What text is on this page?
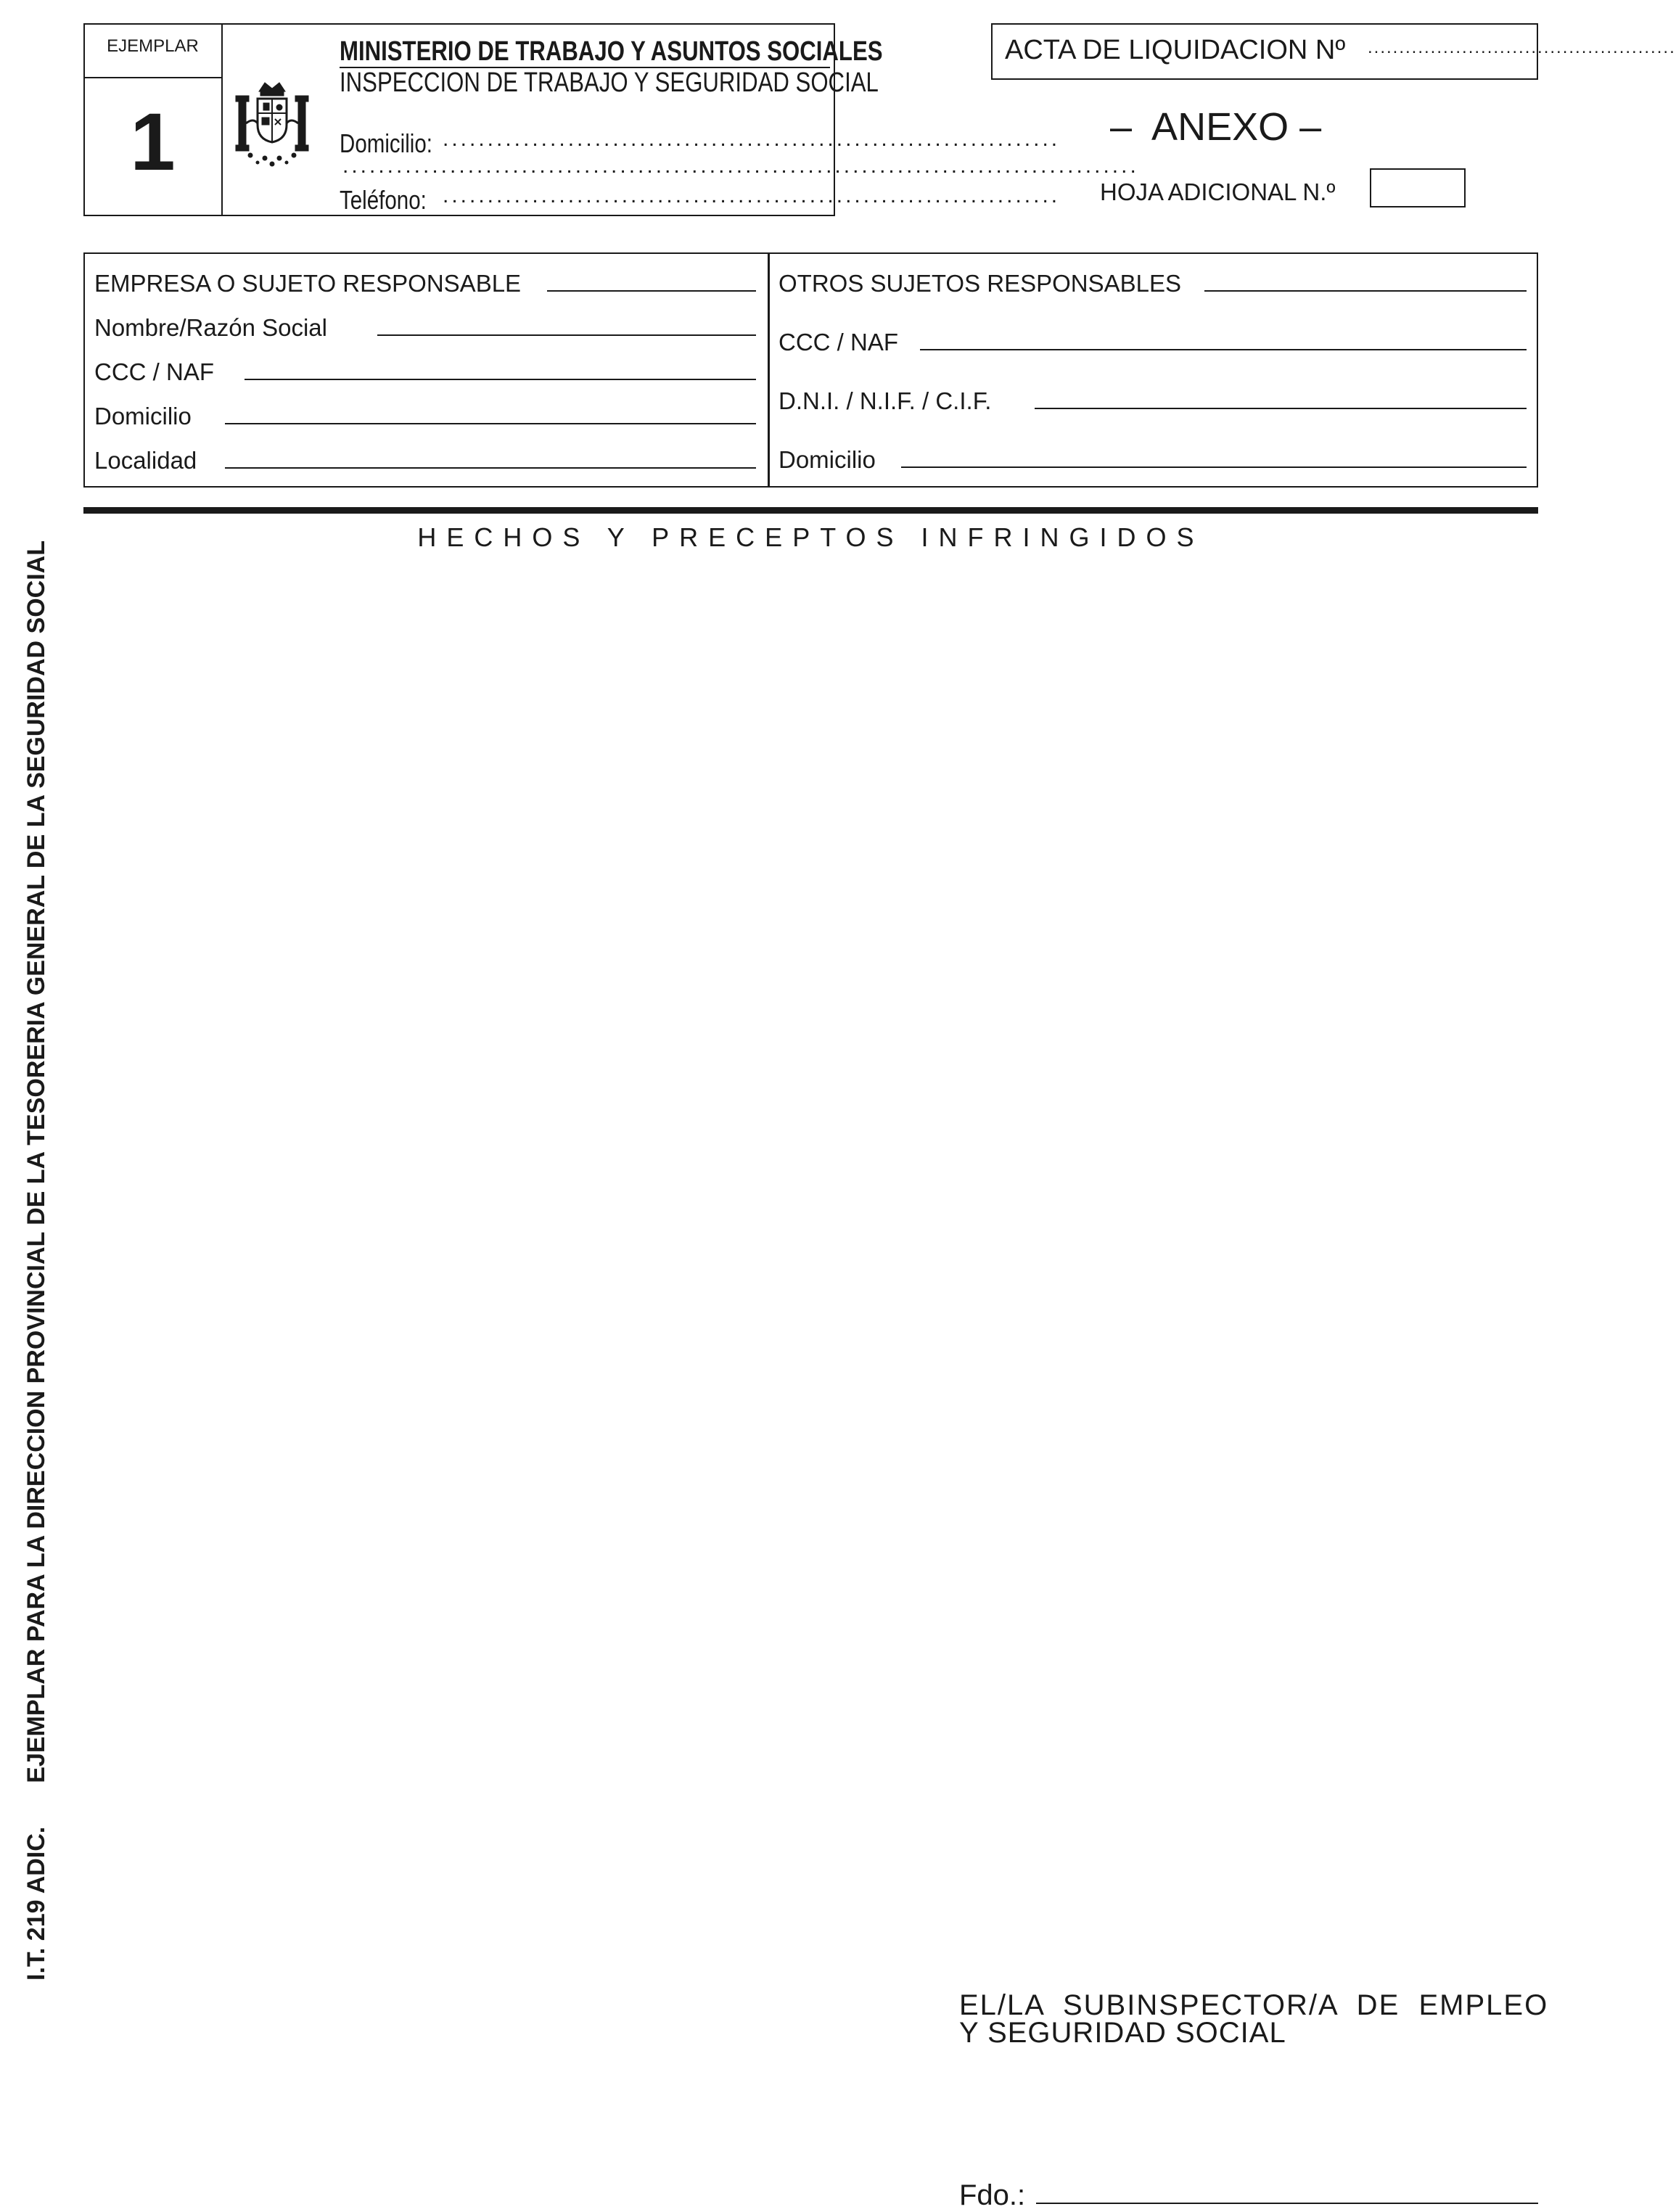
EJEMPLAR
1
MINISTERIO DE TRABAJO Y ASUNTOS SOCIALES
INSPECCION DE TRABAJO Y SEGURIDAD SOCIAL
Domicilio: .....................................................................
.........................................................................................
Teléfono: .....................................................................
ACTA DE LIQUIDACION Nº .................................................
–  ANEXO –
HOJA ADICIONAL N.º
EMPRESA O SUJETO RESPONSABLE
Nombre/Razón Social
CCC / NAF
Domicilio
Localidad
OTROS SUJETOS RESPONSABLES
CCC / NAF
D.N.I. / N.I.F. / C.I.F.
Domicilio
HECHOS Y PRECEPTOS INFRINGIDOS
I.T. 219 ADIC.
EJEMPLAR PARA LA DIRECCION PROVINCIAL DE LA TESORERIA GENERAL DE LA SEGURIDAD SOCIAL
EL/LA  SUBINSPECTOR/A  DE  EMPLEO
Y SEGURIDAD SOCIAL
Fdo.:
